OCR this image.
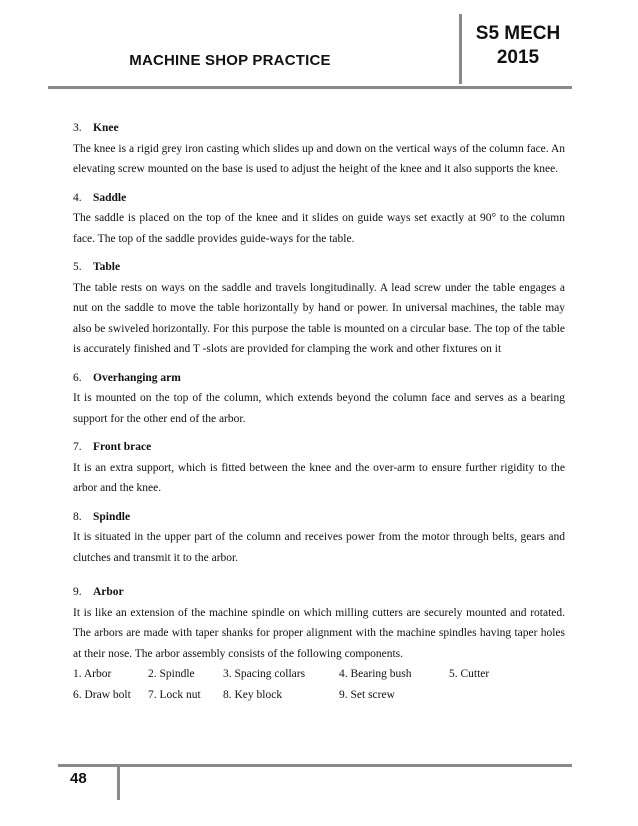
MACHINE SHOP PRACTICE
S5 MECH
2015

3. Knee

The knee is a rigid grey iron casting which slides up and down on the vertical ways of the column face. An elevating screw mounted on the base is used to adjust the height of the knee and it also supports the knee.

4. Saddle

The saddle is placed on the top of the knee and it slides on guide ways set exactly at 90° to the column face. The top of the saddle provides guide-ways for the table.

5. Table

The table rests on ways on the saddle and travels longitudinally. A lead screw under the table engages a nut on the saddle to move the table horizontally by hand or power. In universal machines, the table may also be swiveled horizontally. For this purpose the table is mounted on a circular base. The top of the table is accurately finished and T -slots are provided for clamping the work and other fixtures on it

6. Overhanging arm

It is mounted on the top of the column, which extends beyond the column face and serves as a bearing support for the other end of the arbor.

7. Front brace

It is an extra support, which is fitted between the knee and the over-arm to ensure further rigidity to the arbor and the knee.

8. Spindle

It is situated in the upper part of the column and receives power from the motor through belts, gears and clutches and transmit it to the arbor.

9. Arbor

It is like an extension of the machine spindle on which milling cutters are securely mounted and rotated. The arbors are made with taper shanks for proper alignment with the machine spindles having taper holes at their nose. The arbor assembly consists of the following components.

1. Arbor	2. Spindle	3. Spacing collars	4. Bearing bush	5. Cutter
6. Draw bolt	7. Lock nut	8. Key block	9. Set screw
48
